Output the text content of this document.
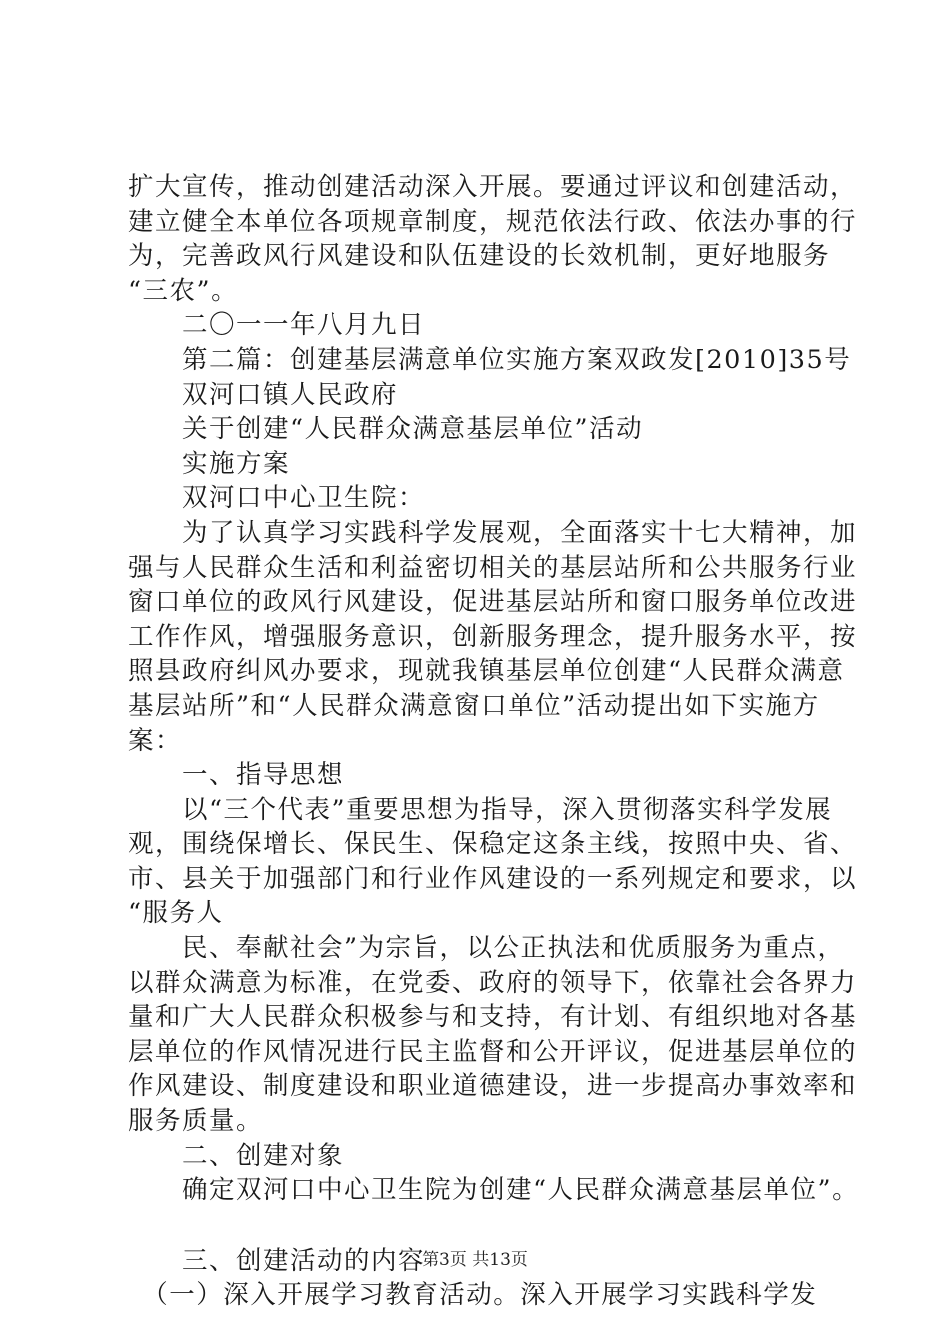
扩大宣传，推动创建活动深入开展。要通过评议和创建活动，
建立健全本单位各项规章制度，规范依法行政、依法办事的行
为，完善政风行风建设和队伍建设的长效机制，更好地服务
“三农”。
　　二〇一一年八月九日
　　第二篇：创建基层满意单位实施方案双政发[2010]35号
　　双河口镇人民政府
　　关于创建“人民群众满意基层单位”活动
　　实施方案
　　双河口中心卫生院：
　　为了认真学习实践科学发展观，全面落实十七大精神，加
强与人民群众生活和利益密切相关的基层站所和公共服务行业
窗口单位的政风行风建设，促进基层站所和窗口服务单位改进
工作作风，增强服务意识，创新服务理念，提升服务水平，按
照县政府纠风办要求，现就我镇基层单位创建“人民群众满意
基层站所”和“人民群众满意窗口单位”活动提出如下实施方
案：
　　一、指导思想
　　以“三个代表”重要思想为指导，深入贯彻落实科学发展
观，围绕保增长、保民生、保稳定这条主线，按照中央、省、
市、县关于加强部门和行业作风建设的一系列规定和要求，以
“服务人
　　民、奉献社会”为宗旨，以公正执法和优质服务为重点，
以群众满意为标准，在党委、政府的领导下，依靠社会各界力
量和广大人民群众积极参与和支持，有计划、有组织地对各基
层单位的作风情况进行民主监督和公开评议，促进基层单位的
作风建设、制度建设和职业道德建设，进一步提高办事效率和
服务质量。
　　二、创建对象
　　确定双河口中心卫生院为创建“人民群众满意基层单位”。
　　三、创建活动的内容
　（一）深入开展学习教育活动。深入开展学习实践科学发
第3页 共13页
